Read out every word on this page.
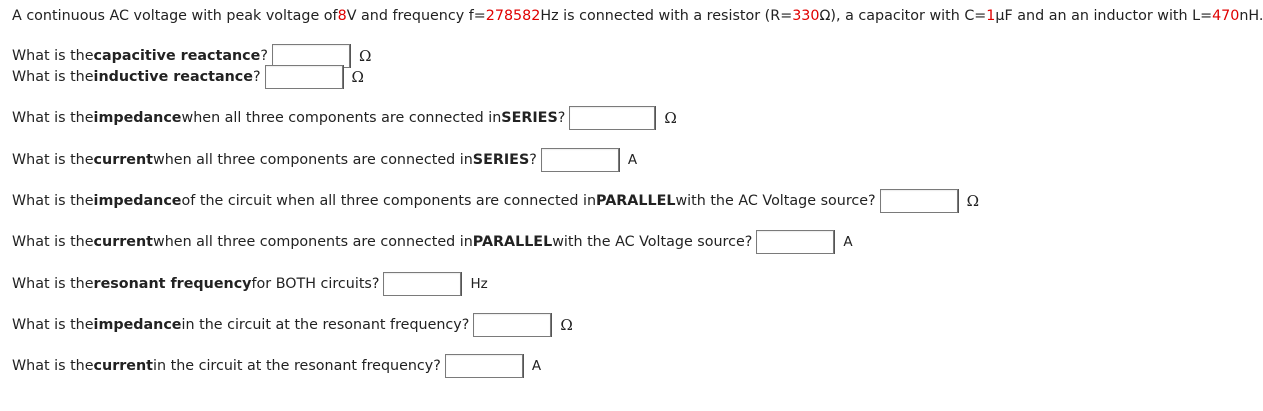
A continuous AC voltage with peak voltage of 8 V and frequency f= 278582 Hz is connected with a resistor (R= 330 Ω), a capacitor with C= 1 μF and an an inductor with L= 470 nH.
What is the capacitive reactance ?	Ω
What is the inductive reactance ?	Ω
What is the impedance when all three components are connected in SERIES ?	Ω
What is the current when all three components are connected in SERIES ?	A
What is the impedance of the circuit when all three components are connected in PARALLEL with the AC Voltage source?	Ω
What is the current when all three components are connected in PARALLEL with the AC Voltage source?	A
What is the resonant frequency for BOTH circuits?	Hz
What is the impedance in the circuit at the resonant frequency?	Ω
What is the current in the circuit at the resonant frequency?	A
